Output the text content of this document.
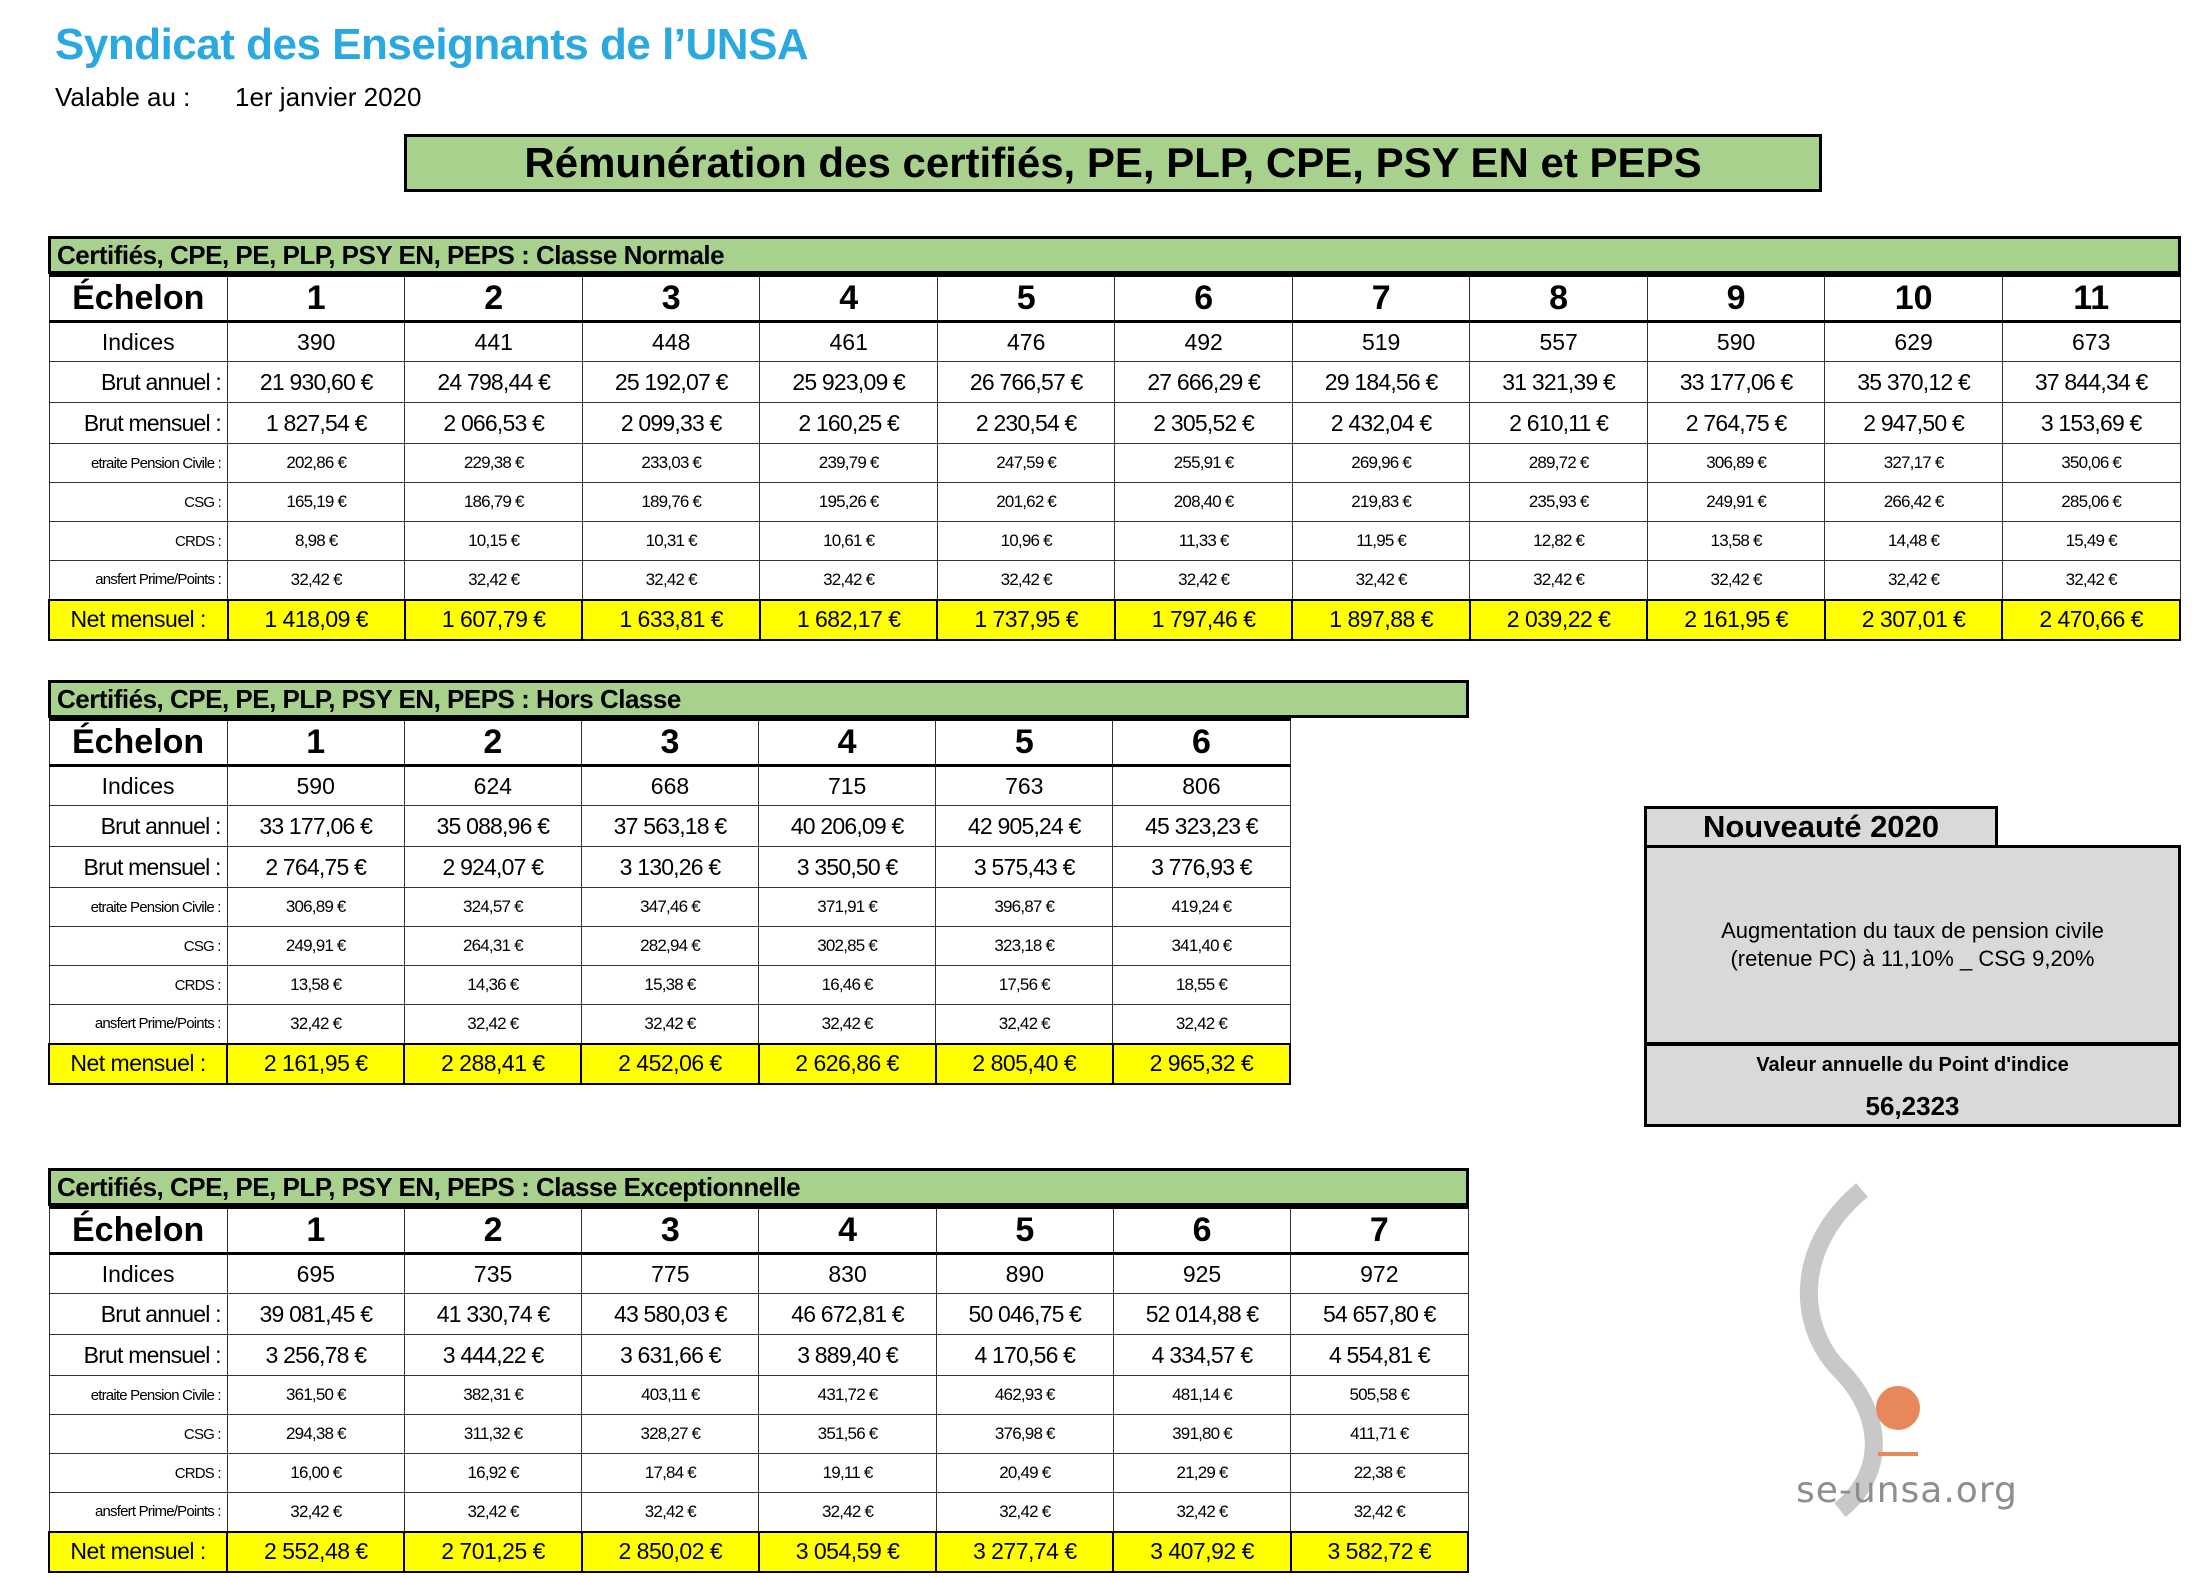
Syndicat des Enseignants de l’UNSA
Valable au : 1er janvier 2020
Rémunération des certifiés, PE, PLP, CPE, PSY EN et PEPS
Certifiés, CPE, PE, PLP, PSY EN, PEPS : Classe Normale
Échelon	1	2	3	4	5	6	7	8	9	10	11
Indices	390	441	448	461	476	492	519	557	590	629	673
Brut annuel :	21 930,60 €	24 798,44 €	25 192,07 €	25 923,09 €	26 766,57 €	27 666,29 €	29 184,56 €	31 321,39 €	33 177,06 €	35 370,12 €	37 844,34 €
Brut mensuel :	1 827,54 €	2 066,53 €	2 099,33 €	2 160,25 €	2 230,54 €	2 305,52 €	2 432,04 €	2 610,11 €	2 764,75 €	2 947,50 €	3 153,69 €
etraite Pension Civile :	202,86 €	229,38 €	233,03 €	239,79 €	247,59 €	255,91 €	269,96 €	289,72 €	306,89 €	327,17 €	350,06 €
CSG :	165,19 €	186,79 €	189,76 €	195,26 €	201,62 €	208,40 €	219,83 €	235,93 €	249,91 €	266,42 €	285,06 €
CRDS :	8,98 €	10,15 €	10,31 €	10,61 €	10,96 €	11,33 €	11,95 €	12,82 €	13,58 €	14,48 €	15,49 €
ansfert Prime/Points :	32,42 €	32,42 €	32,42 €	32,42 €	32,42 €	32,42 €	32,42 €	32,42 €	32,42 €	32,42 €	32,42 €
Net mensuel :	1 418,09 €	1 607,79 €	1 633,81 €	1 682,17 €	1 737,95 €	1 797,46 €	1 897,88 €	2 039,22 €	2 161,95 €	2 307,01 €	2 470,66 €
Certifiés, CPE, PE, PLP, PSY EN, PEPS : Hors Classe
Échelon	1	2	3	4	5	6
Indices	590	624	668	715	763	806
Brut annuel :	33 177,06 €	35 088,96 €	37 563,18 €	40 206,09 €	42 905,24 €	45 323,23 €
Brut mensuel :	2 764,75 €	2 924,07 €	3 130,26 €	3 350,50 €	3 575,43 €	3 776,93 €
etraite Pension Civile :	306,89 €	324,57 €	347,46 €	371,91 €	396,87 €	419,24 €
CSG :	249,91 €	264,31 €	282,94 €	302,85 €	323,18 €	341,40 €
CRDS :	13,58 €	14,36 €	15,38 €	16,46 €	17,56 €	18,55 €
ansfert Prime/Points :	32,42 €	32,42 €	32,42 €	32,42 €	32,42 €	32,42 €
Net mensuel :	2 161,95 €	2 288,41 €	2 452,06 €	2 626,86 €	2 805,40 €	2 965,32 €
Certifiés, CPE, PE, PLP, PSY EN, PEPS : Classe Exceptionnelle
Échelon	1	2	3	4	5	6	7
Indices	695	735	775	830	890	925	972
Brut annuel :	39 081,45 €	41 330,74 €	43 580,03 €	46 672,81 €	50 046,75 €	52 014,88 €	54 657,80 €
Brut mensuel :	3 256,78 €	3 444,22 €	3 631,66 €	3 889,40 €	4 170,56 €	4 334,57 €	4 554,81 €
etraite Pension Civile :	361,50 €	382,31 €	403,11 €	431,72 €	462,93 €	481,14 €	505,58 €
CSG :	294,38 €	311,32 €	328,27 €	351,56 €	376,98 €	391,80 €	411,71 €
CRDS :	16,00 €	16,92 €	17,84 €	19,11 €	20,49 €	21,29 €	22,38 €
ansfert Prime/Points :	32,42 €	32,42 €	32,42 €	32,42 €	32,42 €	32,42 €	32,42 €
Net mensuel :	2 552,48 €	2 701,25 €	2 850,02 €	3 054,59 €	3 277,74 €	3 407,92 €	3 582,72 €
Nouveauté 2020
Augmentation du taux de pension civile
(retenue PC) à 11,10% _ CSG 9,20%
Valeur annuelle du Point d'indice
56,2323
se-unsa.org
